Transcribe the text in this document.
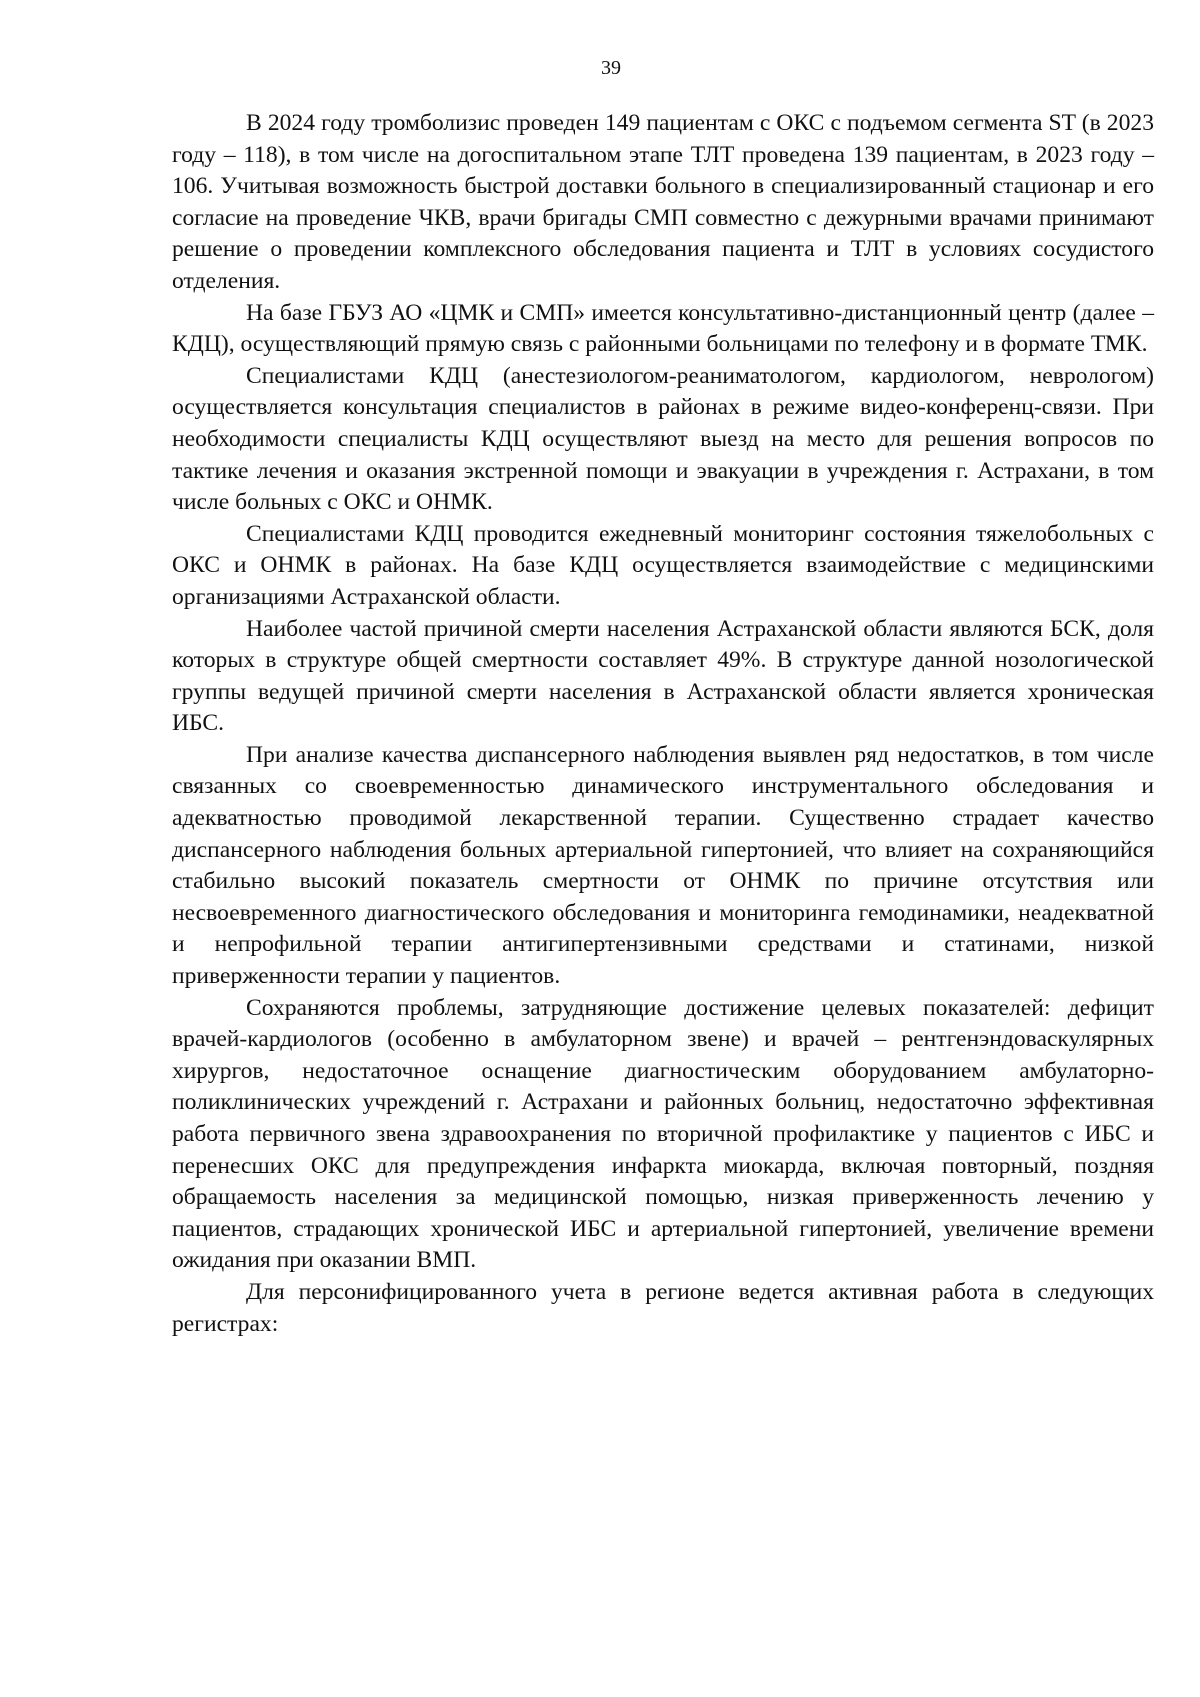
39

В 2024 году тромболизис проведен 149 пациентам с ОКС с подъемом сегмента ST (в 2023 году – 118), в том числе на догоспитальном этапе ТЛТ проведена 139 пациентам, в 2023 году – 106. Учитывая возможность быстрой доставки больного в специализированный стационар и его согласие на проведение ЧКВ, врачи бригады СМП совместно с дежурными врачами принимают решение о проведении комплексного обследования пациента и ТЛТ в условиях сосудистого отделения.

На базе ГБУЗ АО «ЦМК и СМП» имеется консультативно-дистанционный центр (далее – КДЦ), осуществляющий прямую связь с районными больницами по телефону и в формате ТМК.

Специалистами КДЦ (анестезиологом-реаниматологом, кардиологом, неврологом) осуществляется консультация специалистов в районах в режиме видео-конференц-связи. При необходимости специалисты КДЦ осуществляют выезд на место для решения вопросов по тактике лечения и оказания экстренной помощи и эвакуации в учреждения г. Астрахани, в том числе больных с ОКС и ОНМК.

Специалистами КДЦ проводится ежедневный мониторинг состояния тяжелобольных с ОКС и ОНМК в районах. На базе КДЦ осуществляется взаимодействие с медицинскими организациями Астраханской области.

Наиболее частой причиной смерти населения Астраханской области являются БСК, доля которых в структуре общей смертности составляет 49%. В структуре данной нозологической группы ведущей причиной смерти населения в Астраханской области является хроническая ИБС.

При анализе качества диспансерного наблюдения выявлен ряд недостатков, в том числе связанных со своевременностью динамического инструментального обследования и адекватностью проводимой лекарственной терапии. Существенно страдает качество диспансерного наблюдения больных артериальной гипертонией, что влияет на сохраняющийся стабильно высокий показатель смертности от ОНМК по причине отсутствия или несвоевременного диагностического обследования и мониторинга гемодинамики, неадекватной и непрофильной терапии антигипертензивными средствами и статинами, низкой приверженности терапии у пациентов.

Сохраняются проблемы, затрудняющие достижение целевых показателей: дефицит врачей-кардиологов (особенно в амбулаторном звене) и врачей – рентгенэндоваскулярных хирургов, недостаточное оснащение диагностическим оборудованием амбулаторно-поликлинических учреждений г. Астрахани и районных больниц, недостаточно эффективная работа первичного звена здравоохранения по вторичной профилактике у пациентов с ИБС и перенесших ОКС для предупреждения инфаркта миокарда, включая повторный, поздняя обращаемость населения за медицинской помощью, низкая приверженность лечению у пациентов, страдающих хронической ИБС и артериальной гипертонией, увеличение времени ожидания при оказании ВМП.

Для персонифицированного учета в регионе ведется активная работа в следующих регистрах:
